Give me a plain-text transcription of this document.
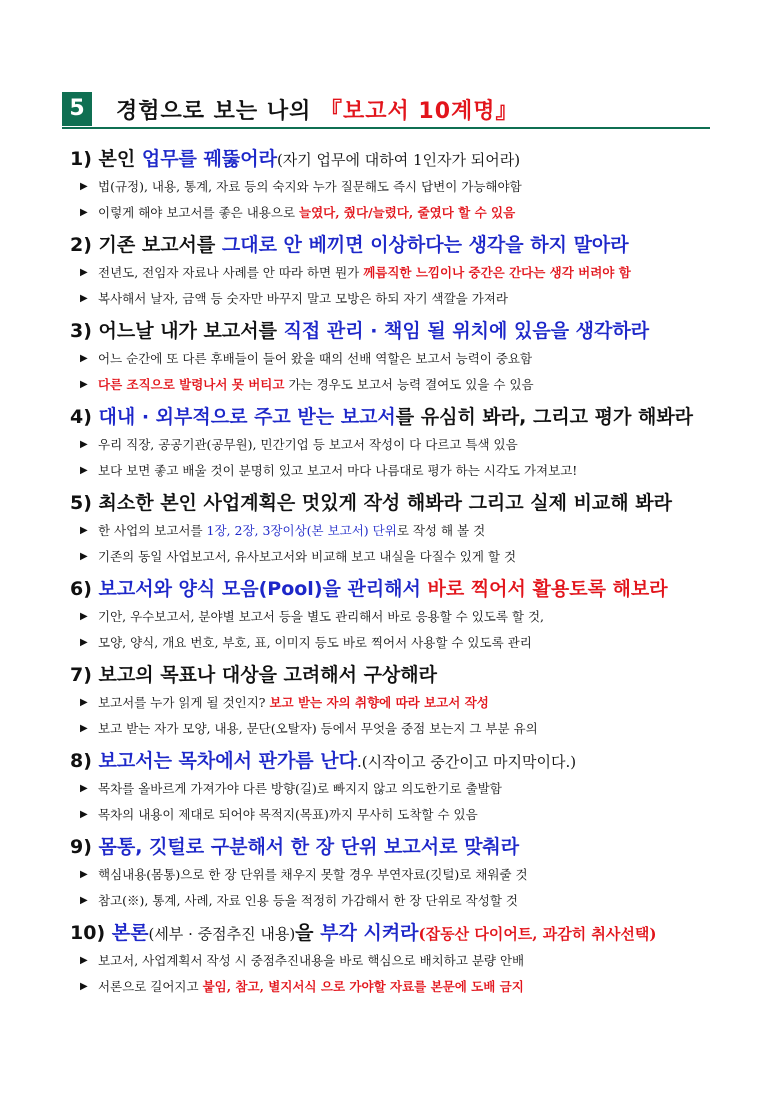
5	경험으로 보는 나의 『보고서 10계명』
1) 본인 업무를 꿰뚫어라(자기 업무에 대하여 1인자가 되어라)
▶ 법(규정), 내용, 통계, 자료 등의 숙지와 누가 질문해도 즉시 답변이 가능해야함
▶ 이렇게 해야 보고서를 좋은 내용으로 늘였다, 줬다/늘렸다, 줄였다 할 수 있음
2) 기존 보고서를 그대로 안 베끼면 이상하다는 생각을 하지 말아라
▶ 전년도, 전임자 자료나 사례를 안 따라 하면 뭔가 께름직한 느낌이나 중간은 간다는 생각 버려야 함
▶ 복사해서 날자, 금액 등 숫자만 바꾸지 말고 모방은 하되 자기 색깔을 가져라
3) 어느날 내가 보고서를 직접 관리 · 책임 될 위치에 있음을 생각하라
▶ 어느 순간에 또 다른 후배들이 들어 왔을 때의 선배 역할은 보고서 능력이 중요함
▶ 다른 조직으로 발령나서 못 버티고 가는 경우도 보고서 능력 결여도 있을 수 있음
4) 대내 · 외부적으로 주고 받는 보고서를 유심히 봐라, 그리고 평가 해봐라
▶ 우리 직장, 공공기관(공무원), 민간기업 등 보고서 작성이 다 다르고 특색 있음
▶ 보다 보면 좋고 배울 것이 분명히 있고 보고서 마다 나름대로 평가 하는 시각도 가져보고!
5) 최소한 본인 사업계획은 멋있게 작성 해봐라 그리고 실제 비교해 봐라
▶ 한 사업의 보고서를 1장, 2장, 3장이상(본 보고서) 단위로 작성 해 볼 것
▶ 기존의 동일 사업보고서, 유사보고서와 비교해 보고 내실을 다질수 있게 할 것
6) 보고서와 양식 모음(Pool)을 관리해서 바로 찍어서 활용토록 해보라
▶ 기안, 우수보고서, 분야별 보고서 등을 별도 관리해서 바로 응용할 수 있도록 할 것,
▶ 모양, 양식, 개요 번호, 부호, 표, 이미지 등도 바로 찍어서 사용할 수 있도록 관리
7) 보고의 목표나 대상을 고려해서 구상해라
▶ 보고서를 누가 읽게 될 것인지? 보고 받는 자의 취향에 따라 보고서 작성
▶ 보고 받는 자가 모양, 내용, 문단(오탈자) 등에서 무엇을 중점 보는지 그 부분 유의
8) 보고서는 목차에서 판가름 난다.(시작이고 중간이고 마지막이다.)
▶ 목차를 올바르게 가져가야 다른 방향(길)로 빠지지 않고 의도한기로 출발함
▶ 목차의 내용이 제대로 되어야 목적지(목표)까지 무사히 도착할 수 있음
9) 몸통, 깃털로 구분해서 한 장 단위 보고서로 맞춰라
▶ 핵심내용(몸통)으로 한 장 단위를 채우지 못할 경우 부연자료(깃털)로 채워줄 것
▶ 참고(※), 통계, 사례, 자료 인용 등을 적정히 가감해서 한 장 단위로 작성할 것
10) 본론(세부 · 중점추진 내용)을 부각 시켜라(잡동산 다이어트, 과감히 취사선택)
▶ 보고서, 사업계획서 작성 시 중점추진내용을 바로 핵심으로 배치하고 분량 안배
▶ 서론으로 길어지고 붙임, 참고, 별지서식 으로 가야할 자료를 본문에 도배 금지
